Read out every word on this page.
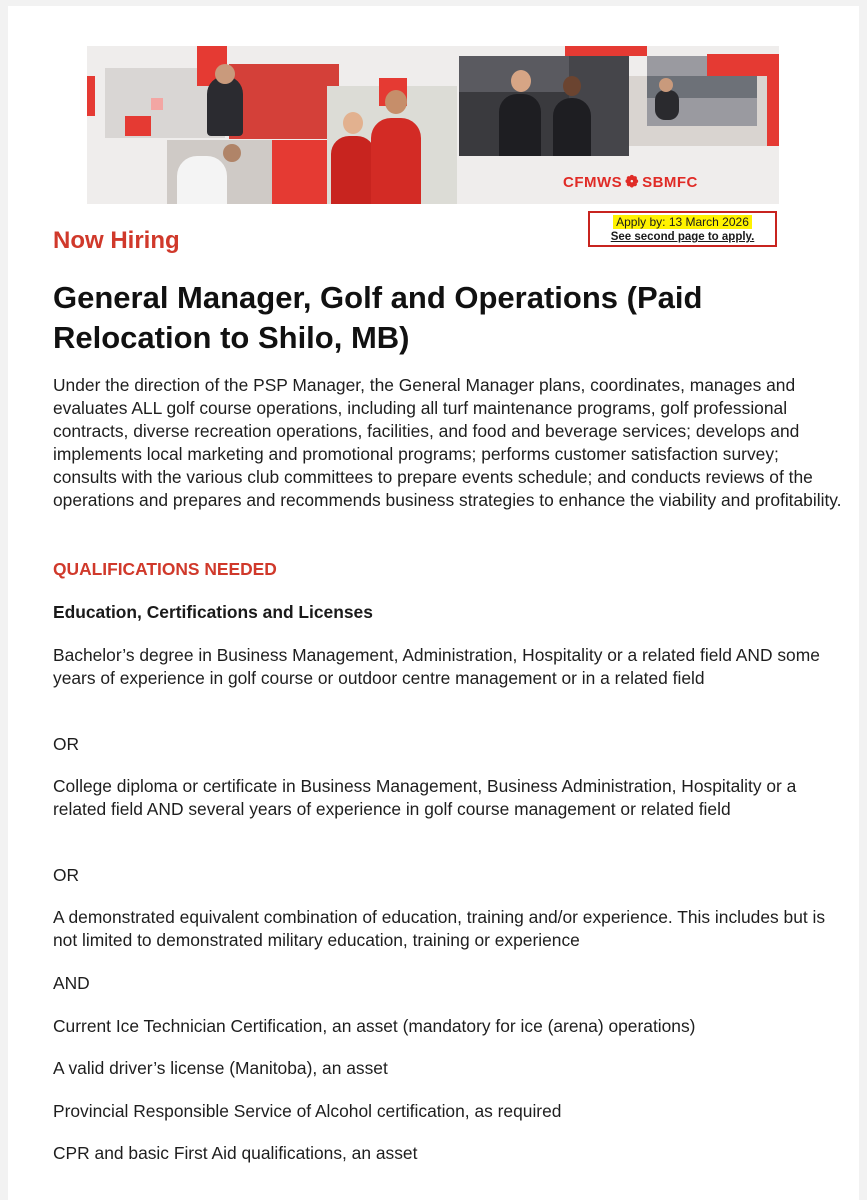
CFMWS ❁ SBMFC
Apply by: 13 March 2026
See second page to apply.
Now Hiring
General Manager, Golf and Operations (Paid Relocation to Shilo, MB)

Under the direction of the PSP Manager, the General Manager plans, coordinates, manages and evaluates ALL golf course operations, including all turf maintenance programs, golf professional contracts, diverse recreation operations, facilities, and food and beverage services; develops and implements local marketing and promotional programs; performs customer satisfaction survey; consults with the various club committees to prepare events schedule; and conducts reviews of the operations and prepares and recommends business strategies to enhance the viability and profitability.

QUALIFICATIONS NEEDED
Education, Certifications and Licenses

Bachelor’s degree in Business Management, Administration, Hospitality or a related field AND some years of experience in golf course or outdoor centre management or in a related field

OR

College diploma or certificate in Business Management, Business Administration, Hospitality or a related field AND several years of experience in golf course management or related field

OR

A demonstrated equivalent combination of education, training and/or experience. This includes but is not limited to demonstrated military education, training or experience

AND

Current Ice Technician Certification, an asset (mandatory for ice (arena) operations)

A valid driver’s license (Manitoba), an asset

Provincial Responsible Service of Alcohol certification, as required

CPR and basic First Aid qualifications, an asset
